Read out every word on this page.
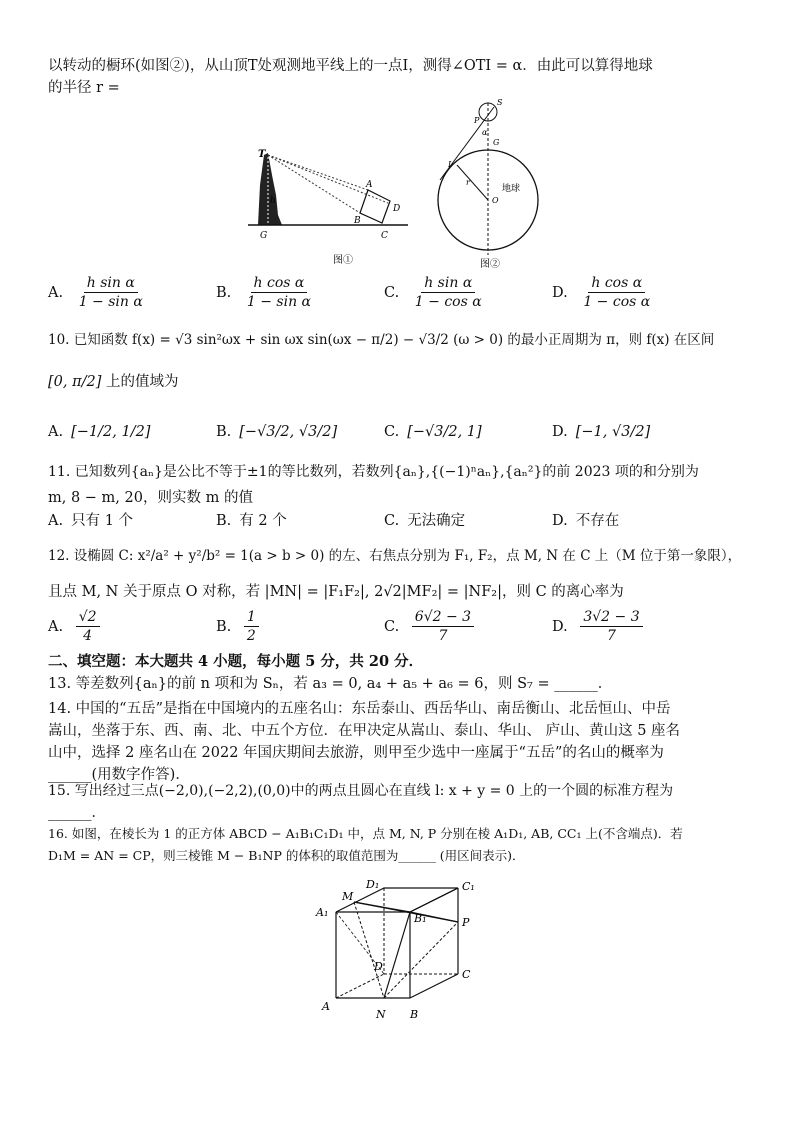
以转动的橱环(如图②)，从山顶T处观测地平线上的一点I，测得∠OTI = α．由此可以算得地球
的半径 r =
T
h
A
B
D
G	C
图①
S
P
α
G
I
r
O
地球
图②
A. $\frac{\text{h sin α}}{\text{1 − sin α}}$	B. $\frac{\text{h cos α}}{\text{1 − sin α}}$	C. $\frac{\text{h sin α}}{\text{1 − cos α}}$	D. $\frac{\text{h cos α}}{\text{1 − cos α}}$
10. 已知函数 f(x) = √3 sin²ωx + sin ωx sin(ωx − π/2) − √3/2 (ω > 0) 的最小正周期为 π，则 f(x) 在区间
[0, π/2] 上的值域为
A. [−1/2, 1/2]	B. [−√3/2, √3/2]	C. [−√3/2, 1]	D. [−1, √3/2]
11. 已知数列{aₙ}是公比不等于±1的等比数列，若数列{aₙ},{(−1)ⁿaₙ},{aₙ²}的前 2023 项的和分别为
m, 8 − m, 20，则实数 m 的值
A. 只有 1 个	B. 有 2 个	C. 无法确定	D. 不存在
12. 设椭圆 C: x²/a² + y²/b² = 1(a > b > 0) 的左、右焦点分别为 F₁, F₂，点 M, N 在 C 上（M 位于第一象限），
且点 M, N 关于原点 O 对称，若 |MN| = |F₁F₂|, 2√2|MF₂| = |NF₂|，则 C 的离心率为
A. $\frac{√2}{4}$	B. $\frac{1}{2}$	C. $\frac{6√2 - 3}{7}$	D. $\frac{3√2 - 3}{7}$
二、填空题：本大题共 4 小题，每小题 5 分，共 20 分．
13. 等差数列{aₙ}的前 n 项和为 Sₙ，若 a₃ = 0, a₄ + a₅ + a₆ = 6，则 S₇ = ______．
14. 中国的“五岳”是指在中国境内的五座名山：东岳泰山、西岳华山、南岳衡山、北岳恒山、中岳
嵩山，坐落于东、西、南、北、中五个方位．在甲决定从嵩山、泰山、华山、 庐山、黄山这 5 座名
山中，选择 2 座名山在 2022 年国庆期间去旅游，则甲至少选中一座属于“五岳”的名山的概率为
______(用数字作答)．
15. 写出经过三点(−2,0),(−2,2),(0,0)中的两点且圆心在直线 l: x + y = 0 上的一个圆的标准方程为
______．
16. 如图，在棱长为 1 的正方体 ABCD − A₁B₁C₁D₁ 中，点 M, N, P 分别在棱 A₁D₁, AB, CC₁ 上(不含端点)．若
D₁M = AN = CP，则三棱锥 M − B₁NP 的体积的取值范围为______ (用区间表示)．
D₁	C₁
M
A₁	B₁	P
D
C
A
N B
